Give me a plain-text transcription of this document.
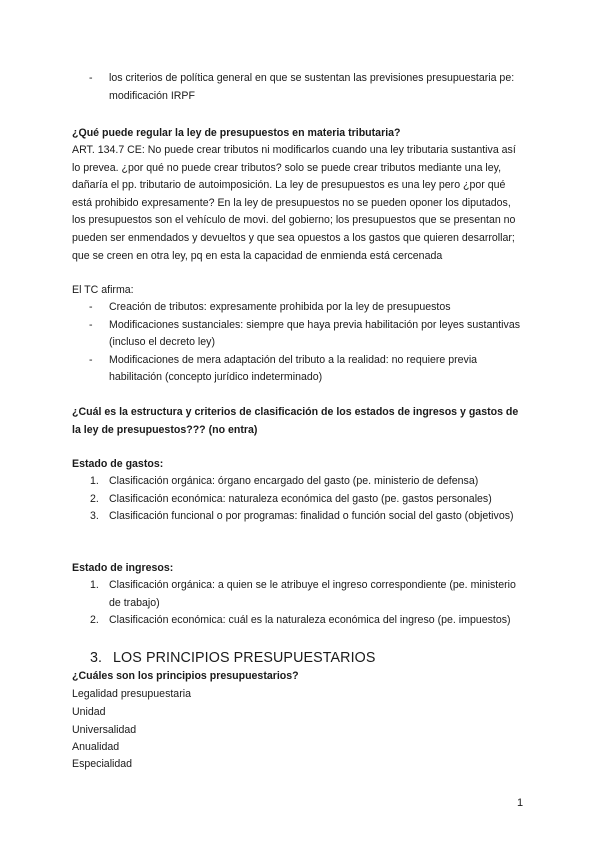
- los criterios de política general en que se sustentan las previsiones presupuestaria pe: modificación IRPF

¿Qué puede regular la ley de presupuestos en materia tributaria?

ART. 134.7 CE: No puede crear tributos ni modificarlos cuando una ley tributaria sustantiva así lo prevea. ¿por qué no puede crear tributos? solo se puede crear tributos mediante una ley, dañaría el pp. tributario de autoimposición. La ley de presupuestos es una ley pero ¿por qué está prohibido expresamente? En la ley de presupuestos no se pueden oponer los diputados, los presupuestos son el vehículo de movi. del gobierno; los presupuestos que se presentan no pueden ser enmendados y devueltos y que sea opuestos a los gastos que quieren desarrollar; que se creen en otra ley, pq en esta la capacidad de enmienda está cercenada

El TC afirma:

- Creación de tributos: expresamente prohibida por la ley de presupuestos
- Modificaciones sustanciales: siempre que haya previa habilitación por leyes sustantivas (incluso el decreto ley)
- Modificaciones de mera adaptación del tributo a la realidad: no requiere previa habilitación (concepto jurídico indeterminado)

¿Cuál es la estructura y criterios de clasificación de los estados de ingresos y gastos de la ley de presupuestos??? (no entra)

Estado de gastos:

1. Clasificación orgánica: órgano encargado del gasto (pe. ministerio de defensa)
2. Clasificación económica: naturaleza económica del gasto (pe. gastos personales)
3. Clasificación funcional o por programas: finalidad o función social del gasto (objetivos)

Estado de ingresos:

1. Clasificación orgánica: a quien se le atribuye el ingreso correspondiente (pe. ministerio de trabajo)
2. Clasificación económica: cuál es la naturaleza económica del ingreso (pe. impuestos)
3. LOS PRINCIPIOS PRESUPUESTARIOS

¿Cuáles son los principios presupuestarios?

Legalidad presupuestaria

Unidad

Universalidad

Anualidad

Especialidad

1
